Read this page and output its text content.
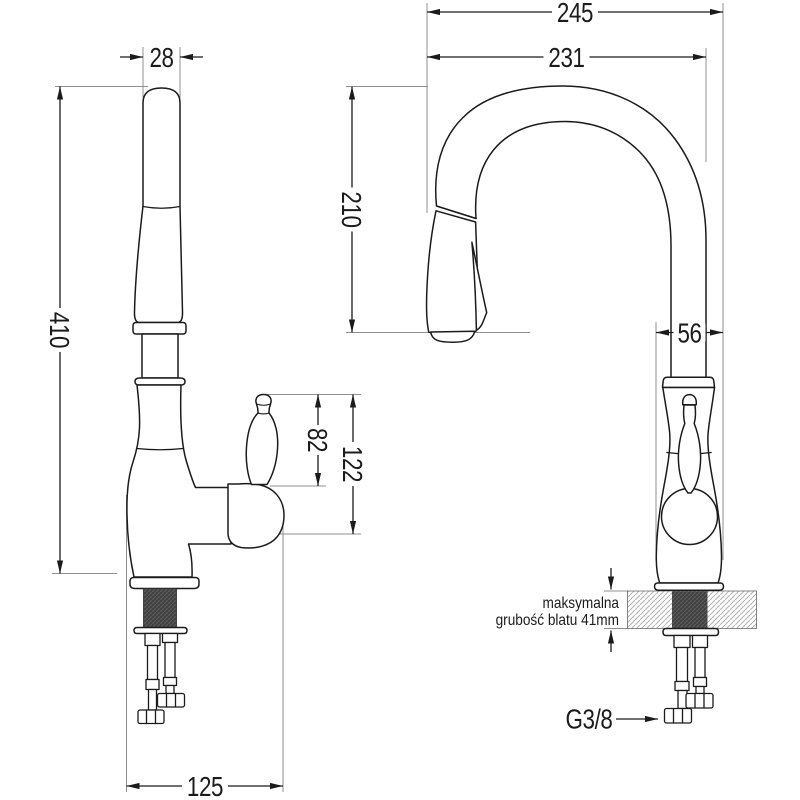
28
410
245
231
210
56
82
122
125
G3/8
maksymalna
grubość blatu 41mm
